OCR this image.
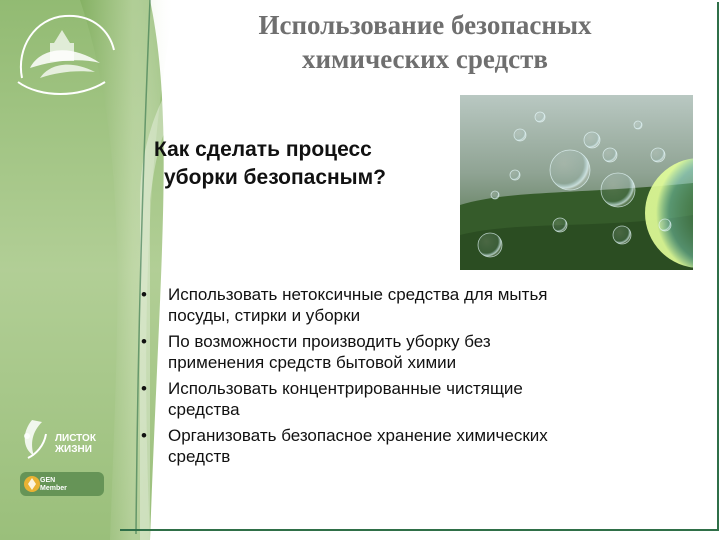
ЛИСТОК
ЖИЗНИ
GEN
Member
Использование безопасных
химических средств
Как сделать процесс
уборки безопасным?
• Использовать нетоксичные средства для мытья
посуды, стирки и уборки
• По возможности производить уборку без
применения средств бытовой химии
• Использовать концентрированные чистящие
средства
• Организовать безопасное хранение химических
средств
